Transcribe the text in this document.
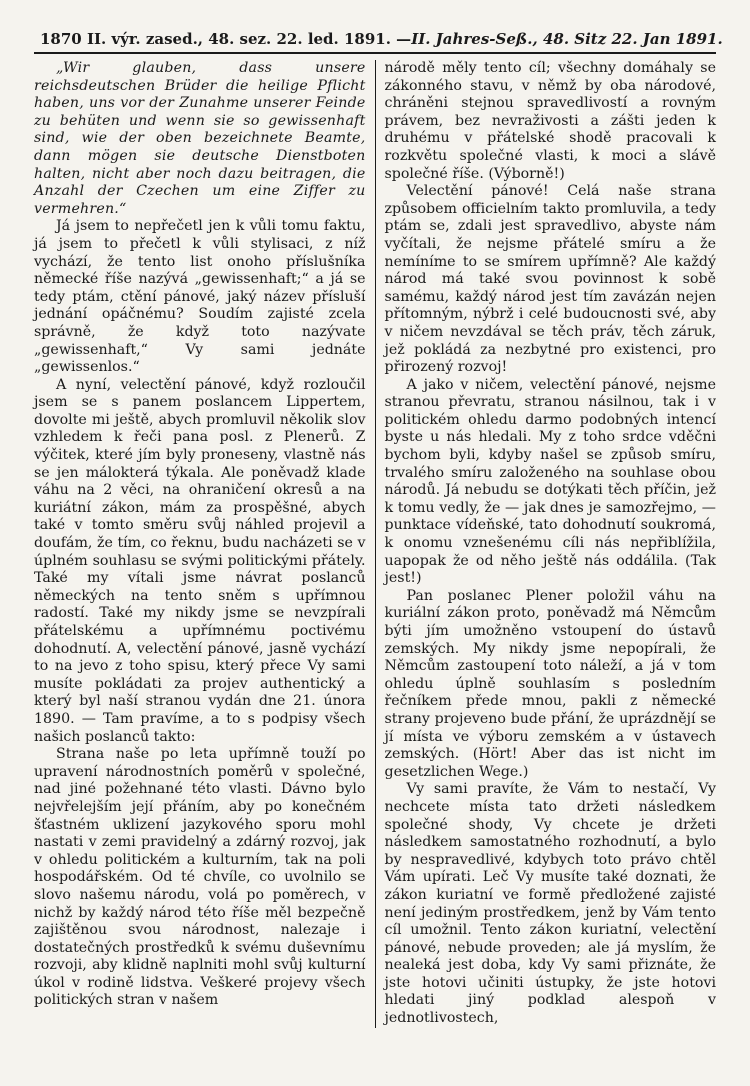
1870 II. výr. zased., 48. sez. 22. led. 1891. — II. Jahres-Seß., 48. Sitz 22. Jan 1891.

„Wir glauben, dass unsere reichsdeutschen Brüder die heilige Pflicht haben, uns vor der Zunahme unserer Feinde zu behüten und wenn sie so gewissenhaft sind, wie der oben bezeichnete Beamte, dann mögen sie deutsche Dienstboten halten, nicht aber noch dazu beitragen, die Anzahl der Czechen um eine Ziffer zu vermehren.“

Já jsem to nepřečetl jen k vůli tomu faktu, já jsem to přečetl k vůli stylisaci, z níž vychází, že tento list onoho příslušníka německé říše nazývá „gewissenhaft;“ a já se tedy ptám, ctění pánové, jaký název přísluší jednání opáčnému? Soudím zajisté zcela správně, že když toto nazývate „gewissenhaft,“ Vy sami jednáte „gewissenlos.“

A nyní, velectění pánové, když rozloučil jsem se s panem poslancem Lippertem, dovolte mi ještě, abych promluvil několik slov vzhledem k řeči pana posl. z Plenerů. Z výčitek, které jím byly proneseny, vlastně nás se jen málokterá týkala. Ale poněvadž klade váhu na 2 věci, na ohraničení okresů a na kuriátní zákon, mám za prospěšné, abych také v tomto směru svůj náhled projevil a doufám, že tím, co řeknu, budu nacházeti se v úplném souhlasu se svými politickými přátely. Také my vítali jsme návrat poslanců německých na tento sněm s upřímnou radostí. Také my nikdy jsme se nevzpírali přátelskému a upřímnému poctivému dohodnutí. A, velectění pánové, jasně vychází to na jevo z toho spisu, který přece Vy sami musíte pokládati za projev authentický a který byl naší stranou vydán dne 21. února 1890. — Tam pravíme, a to s podpisy všech našich poslanců takto:

Strana naše po leta upřímně touží po upravení národnostních poměrů v společné, nad jiné požehnané této vlasti. Dávno bylo nejvřelejším její přáním, aby po konečném šťastném uklizení jazykového sporu mohl nastati v zemi pravidelný a zdárný rozvoj, jak v ohledu politickém a kulturním, tak na poli hospodářském. Od té chvíle, co uvolnilo se slovo našemu národu, volá po poměrech, v nichž by každý národ této říše měl bezpečně zajištěnou svou národnost, nalezaje i dostatečných prostředků k svému duševnímu rozvoji, aby klidně naplniti mohl svůj kulturní úkol v rodině lidstva. Veškeré projevy všech politických stran v našem

národě měly tento cíl; všechny domáhaly se zákonného stavu, v němž by oba národové, chráněni stejnou spravedlivostí a rovným právem, bez nevraživosti a zášti jeden k druhému v přátelské shodě pracovali k rozkvětu společné vlasti, k moci a slávě společné říše. (Výborně!)

Velectění pánové! Celá naše strana způsobem officielním takto promluvila, a tedy ptám se, zdali jest spravedlivo, abyste nám vyčítali, že nejsme přátelé smíru a že nemíníme to se smírem upřímně? Ale každý národ má také svou povinnost k sobě samému, každý národ jest tím zavázán nejen přítomným, nýbrž i celé budoucnosti své, aby v ničem nevzdával se těch práv, těch záruk, jež pokládá za nezbytné pro existenci, pro přirozený rozvoj!

A jako v ničem, velectění pánové, nejsme stranou převratu, stranou násilnou, tak i v politickém ohledu darmo podobných intencí byste u nás hledali. My z toho srdce vděčni bychom byli, kdyby našel se způsob smíru, trvalého smíru založeného na souhlase obou národů. Já nebudu se dotýkati těch příčin, jež k tomu vedly, že — jak dnes je samozřejmo, — punktace vídeňské, tato dohodnutí soukromá, k onomu vznešenému cíli nás nepřiblížila, uapopak že od něho ještě nás oddálila. (Tak jest!)

Pan poslanec Plener položil váhu na kuriální zákon proto, poněvadž má Němcům býti jím umožněno vstoupení do ústavů zemských. My nikdy jsme nepopírali, že Němcům zastoupení toto náleží, a já v tom ohledu úplně souhlasím s posledním řečníkem přede mnou, pakli z německé strany projeveno bude přání, že uprázdnějí se jí místa ve výboru zemském a v ústavech zemských. (Hört! Aber das ist nicht im gesetzlichen Wege.)

Vy sami pravíte, že Vám to nestačí, Vy nechcete místa tato držeti následkem společné shody, Vy chcete je držeti následkem samostatného rozhodnutí, a bylo by nespravedlivé, kdybych toto právo chtěl Vám upírati. Leč Vy musíte také doznati, že zákon kuriatní ve formě předložené zajisté není jediným prostředkem, jenž by Vám tento cíl umožnil. Tento zákon kuriatní, velectění pánové, nebude proveden; ale já myslím, že nealeká jest doba, kdy Vy sami přiznáte, že jste hotovi učiniti ústupky, že jste hotovi hledati jiný podklad alespoň v jednotlivostech,
